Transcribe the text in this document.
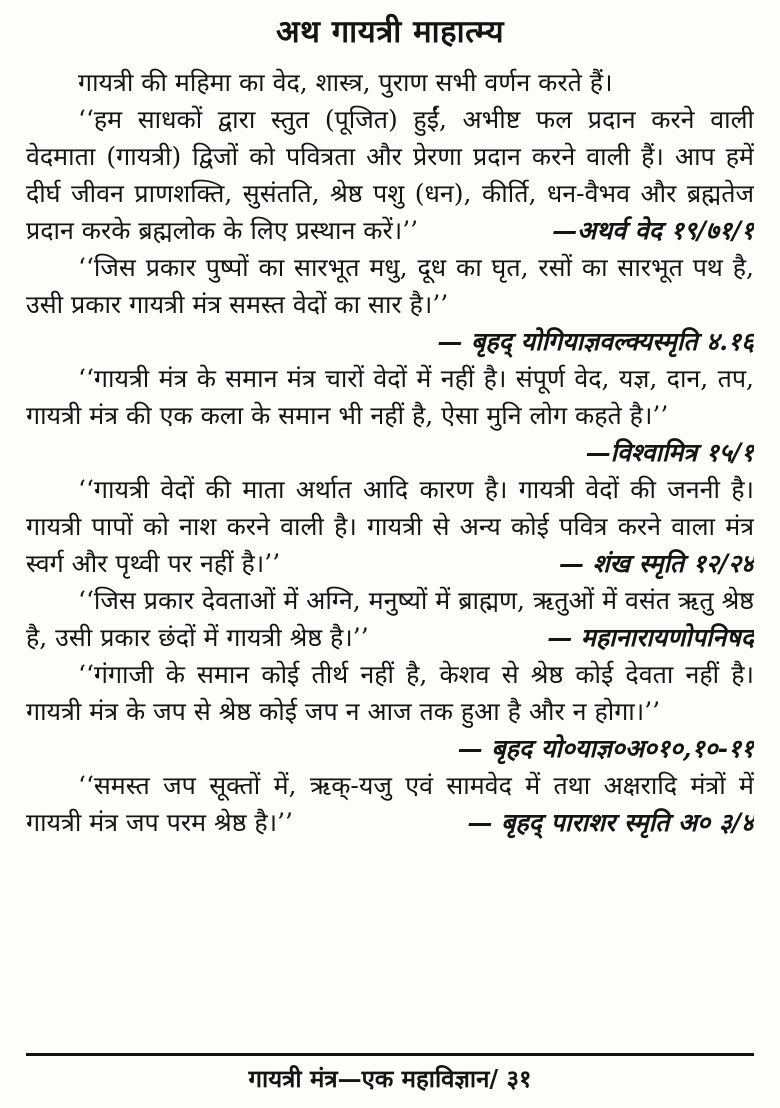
अथ गायत्री माहात्म्य

गायत्री की महिमा का वेद, शास्त्र, पुराण सभी वर्णन करते हैं।

‘‘हम साधकों द्वारा स्तुत (पूजित) हुईं, अभीष्ट फल प्रदान करने वाली वेदमाता (गायत्री) द्विजों को पवित्रता और प्रेरणा प्रदान करने वाली हैं। आप हमें दीर्घ जीवन प्राणशक्ति, सुसंतति, श्रेष्ठ पशु (धन), कीर्ति, धन-वैभव और ब्रह्मतेज प्रदान करके ब्रह्मलोक के लिए प्रस्थान करें।’’	—अथर्व वेद १९/७१/१

‘‘जिस प्रकार पुष्पों का सारभूत मधु, दूध का घृत, रसों का सारभूत पथ है, उसी प्रकार गायत्री मंत्र समस्त वेदों का सार है।’’
— बृहद् योगियाज्ञवल्क्यस्मृति ४.१६

‘‘गायत्री मंत्र के समान मंत्र चारों वेदों में नहीं है। संपूर्ण वेद, यज्ञ, दान, तप, गायत्री मंत्र की एक कला के समान भी नहीं है, ऐसा मुनि लोग कहते है।’’
—विश्वामित्र १५/१

‘‘गायत्री वेदों की माता अर्थात आदि कारण है। गायत्री वेदों की जननी है। गायत्री पापों को नाश करने वाली है। गायत्री से अन्य कोई पवित्र करने वाला मंत्र स्वर्ग और पृथ्वी पर नहीं है।’’	— शंख स्मृति १२/२४

‘‘जिस प्रकार देवताओं में अग्नि, मनुष्यों में ब्राह्मण, ऋतुओं में वसंत ऋतु श्रेष्ठ है, उसी प्रकार छंदों में गायत्री श्रेष्ठ है।’’	— महानारायणोपनिषद

‘‘गंगाजी के समान कोई तीर्थ नहीं है, केशव से श्रेष्ठ कोई देवता नहीं है। गायत्री मंत्र के जप से श्रेष्ठ कोई जप न आज तक हुआ है और न होगा।’’
— बृहद यो०याज्ञ०अ०१०,१०-११

‘‘समस्त जप सूक्तों में, ऋक्-यजु एवं सामवेद में तथा अक्षरादि मंत्रों में गायत्री मंत्र जप परम श्रेष्ठ है।’’	— बृहद् पाराशर स्मृति अ० ३/४

गायत्री मंत्र—एक महाविज्ञान/ ३१
